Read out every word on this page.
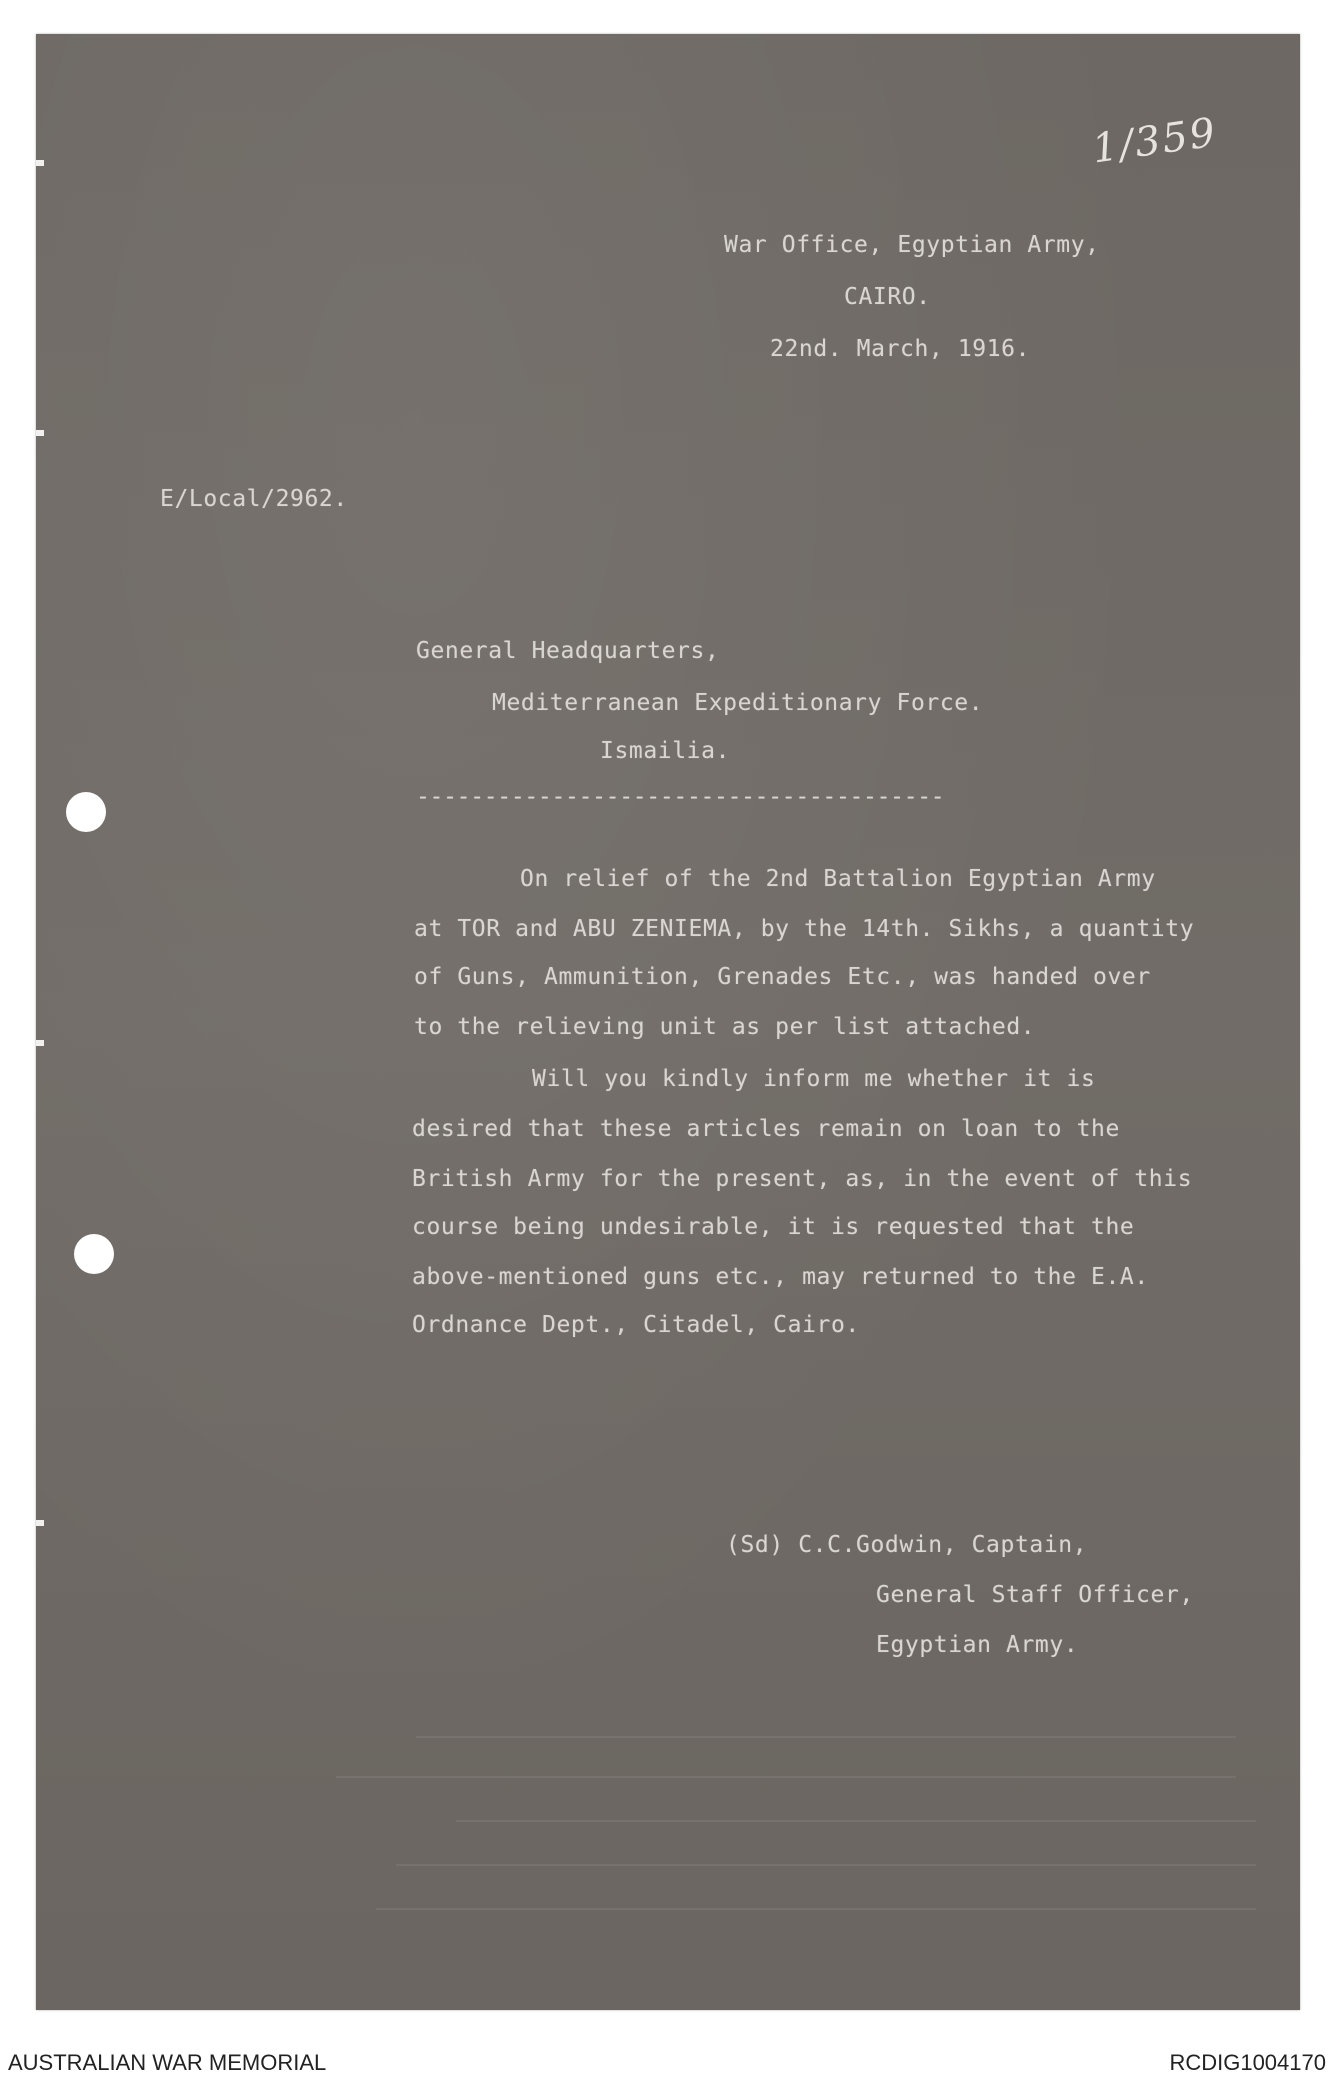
1/359
War Office, Egyptian Army,
CAIRO.
22nd. March, 1916.
E/Local/2962.
General Headquarters,
Mediterranean Expeditionary Force.
Ismailia.
---------------------------------------
On relief of the 2nd Battalion Egyptian Army
at TOR and ABU ZENIEMA, by the 14th. Sikhs, a quantity
of Guns, Ammunition, Grenades Etc., was handed over
to the relieving unit as per list attached.
Will you kindly inform me whether it is
desired that these articles remain on loan to the
British Army for the present, as, in the event of this
course being undesirable, it is requested that the
above-mentioned guns etc., may returned to the E.A.
Ordnance Dept., Citadel, Cairo.
(Sd) C.C.Godwin, Captain,
General Staff Officer,
Egyptian Army.
AUSTRALIAN WAR MEMORIAL	RCDIG1004170
